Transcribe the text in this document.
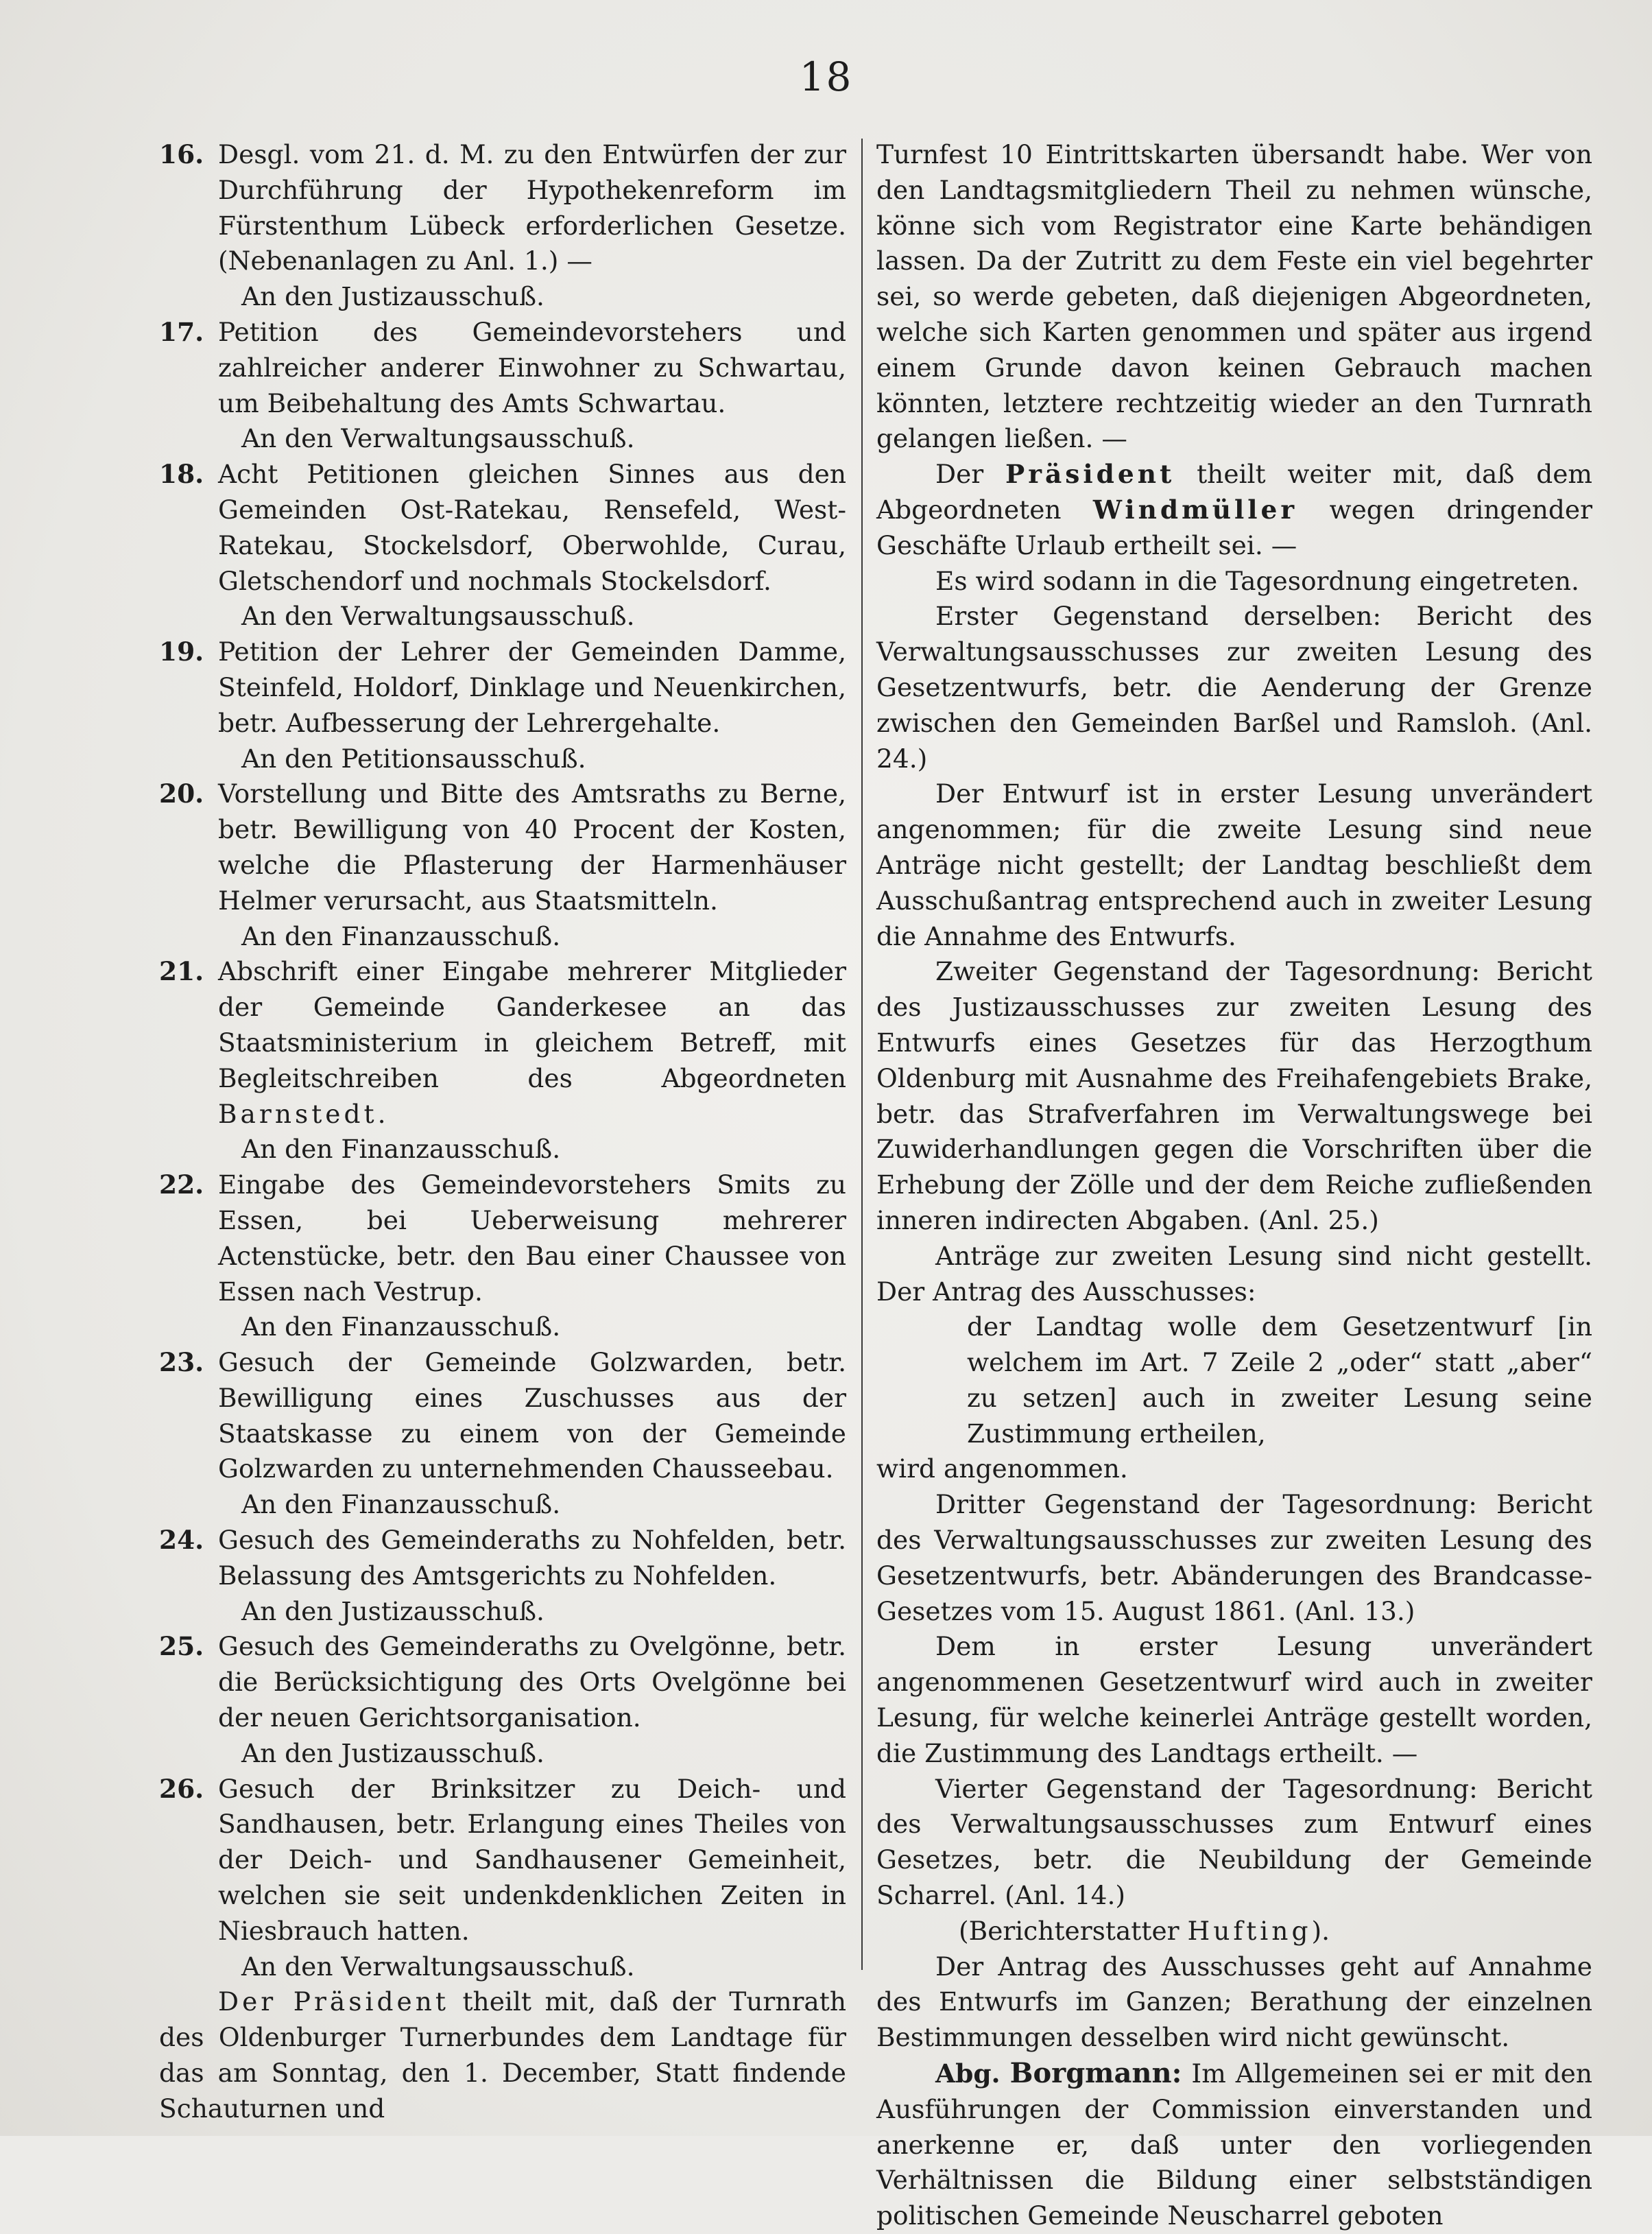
18
16. Desgl. vom 21. d. M. zu den Entwürfen der zur Durchführung der Hypothekenreform im Fürstenthum Lübeck erforderlichen Gesetze. (Nebenanlagen zu Anl. 1.) —
An den Justizausschuß.
17. Petition des Gemeindevorstehers und zahlreicher anderer Einwohner zu Schwartau, um Beibehaltung des Amts Schwartau.
An den Verwaltungsausschuß.
18. Acht Petitionen gleichen Sinnes aus den Gemeinden Ost-Ratekau, Rensefeld, West-Ratekau, Stockelsdorf, Oberwohlde, Curau, Gletschendorf und nochmals Stockelsdorf.
An den Verwaltungsausschuß.
19. Petition der Lehrer der Gemeinden Damme, Steinfeld, Holdorf, Dinklage und Neuenkirchen, betr. Aufbesserung der Lehrergehalte.
An den Petitionsausschuß.
20. Vorstellung und Bitte des Amtsraths zu Berne, betr. Bewilligung von 40 Procent der Kosten, welche die Pflasterung der Harmenhäuser Helmer verursacht, aus Staatsmitteln.
An den Finanzausschuß.
21. Abschrift einer Eingabe mehrerer Mitglieder der Gemeinde Ganderkesee an das Staatsministerium in gleichem Betreff, mit Begleitschreiben des Abgeordneten Barnstedt.
An den Finanzausschuß.
22. Eingabe des Gemeindevorstehers Smits zu Essen, bei Ueberweisung mehrerer Actenstücke, betr. den Bau einer Chaussee von Essen nach Vestrup.
An den Finanzausschuß.
23. Gesuch der Gemeinde Golzwarden, betr. Bewilligung eines Zuschusses aus der Staatskasse zu einem von der Gemeinde Golzwarden zu unternehmenden Chausseebau.
An den Finanzausschuß.
24. Gesuch des Gemeinderaths zu Nohfelden, betr. Belassung des Amtsgerichts zu Nohfelden.
An den Justizausschuß.
25. Gesuch des Gemeinderaths zu Ovelgönne, betr. die Berücksichtigung des Orts Ovelgönne bei der neuen Gerichtsorganisation.
An den Justizausschuß.
26. Gesuch der Brinksitzer zu Deich- und Sandhausen, betr. Erlangung eines Theiles von der Deich- und Sandhausener Gemeinheit, welchen sie seit undenkdenklichen Zeiten in Niesbrauch hatten.
An den Verwaltungsausschuß.
Der Präsident theilt mit, daß der Turnrath des Oldenburger Turnerbundes dem Landtage für das am Sonntag, den 1. December, Statt findende Schauturnen und
Turnfest 10 Eintrittskarten übersandt habe. Wer von den Landtagsmitgliedern Theil zu nehmen wünsche, könne sich vom Registrator eine Karte behändigen lassen. Da der Zutritt zu dem Feste ein viel begehrter sei, so werde gebeten, daß diejenigen Abgeordneten, welche sich Karten genommen und später aus irgend einem Grunde davon keinen Gebrauch machen könnten, letztere rechtzeitig wieder an den Turnrath gelangen ließen. —
Der Präsident theilt weiter mit, daß dem Abgeordneten Windmüller wegen dringender Geschäfte Urlaub ertheilt sei. —
Es wird sodann in die Tagesordnung eingetreten.
Erster Gegenstand derselben: Bericht des Verwaltungsausschusses zur zweiten Lesung des Gesetzentwurfs, betr. die Aenderung der Grenze zwischen den Gemeinden Barßel und Ramsloh. (Anl. 24.)
Der Entwurf ist in erster Lesung unverändert angenommen; für die zweite Lesung sind neue Anträge nicht gestellt; der Landtag beschließt dem Ausschußantrag entsprechend auch in zweiter Lesung die Annahme des Entwurfs.
Zweiter Gegenstand der Tagesordnung: Bericht des Justizausschusses zur zweiten Lesung des Entwurfs eines Gesetzes für das Herzogthum Oldenburg mit Ausnahme des Freihafengebiets Brake, betr. das Strafverfahren im Verwaltungswege bei Zuwiderhandlungen gegen die Vorschriften über die Erhebung der Zölle und der dem Reiche zufließenden inneren indirecten Abgaben. (Anl. 25.)
Anträge zur zweiten Lesung sind nicht gestellt. Der Antrag des Ausschusses:
der Landtag wolle dem Gesetzentwurf [in welchem im Art. 7 Zeile 2 „oder“ statt „aber“ zu setzen] auch in zweiter Lesung seine Zustimmung ertheilen,
wird angenommen.
Dritter Gegenstand der Tagesordnung: Bericht des Verwaltungsausschusses zur zweiten Lesung des Gesetzentwurfs, betr. Abänderungen des Brandcasse-Gesetzes vom 15. August 1861. (Anl. 13.)
Dem in erster Lesung unverändert angenommenen Gesetzentwurf wird auch in zweiter Lesung, für welche keinerlei Anträge gestellt worden, die Zustimmung des Landtags ertheilt. —
Vierter Gegenstand der Tagesordnung: Bericht des Verwaltungsausschusses zum Entwurf eines Gesetzes, betr. die Neubildung der Gemeinde Scharrel. (Anl. 14.)
(Berichterstatter Hufting).
Der Antrag des Ausschusses geht auf Annahme des Entwurfs im Ganzen; Berathung der einzelnen Bestimmungen desselben wird nicht gewünscht.
Abg. Borgmann: Im Allgemeinen sei er mit den Ausführungen der Commission einverstanden und anerkenne er, daß unter den vorliegenden Verhältnissen die Bildung einer selbstständigen politischen Gemeinde Neuscharrel geboten
